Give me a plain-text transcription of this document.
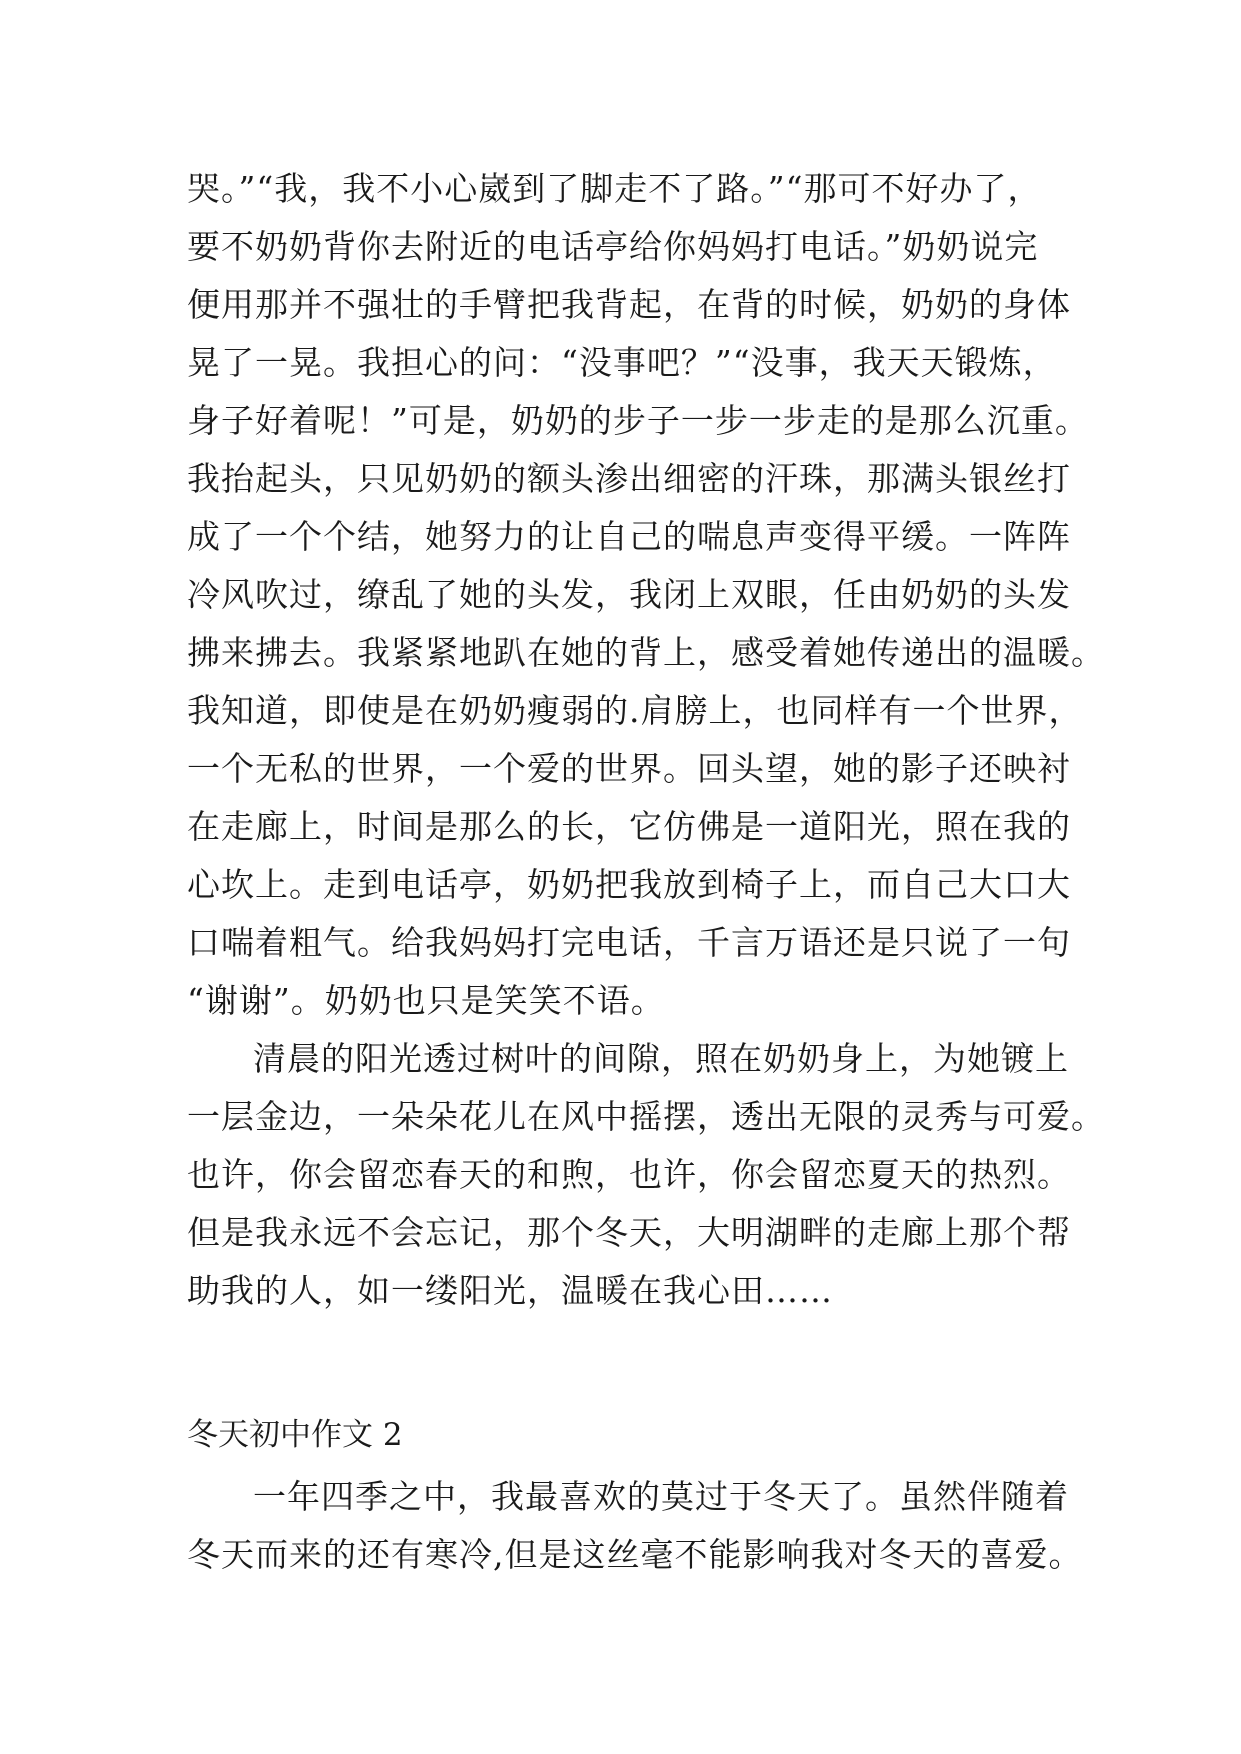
哭。”“我，我不小心崴到了脚走不了路。”“那可不好办了，
要不奶奶背你去附近的电话亭给你妈妈打电话。”奶奶说完
便用那并不强壮的手臂把我背起，在背的时候，奶奶的身体
晃了一晃。我担心的问：“没事吧？”“没事，我天天锻炼，
身子好着呢！”可是，奶奶的步子一步一步走的是那么沉重。
我抬起头，只见奶奶的额头渗出细密的汗珠，那满头银丝打
成了一个个结，她努力的让自己的喘息声变得平缓。一阵阵
冷风吹过，缭乱了她的头发，我闭上双眼，任由奶奶的头发
拂来拂去。我紧紧地趴在她的背上，感受着她传递出的温暖。
我知道，即使是在奶奶瘦弱的.肩膀上，也同样有一个世界，
一个无私的世界，一个爱的世界。回头望，她的影子还映衬
在走廊上，时间是那么的长，它仿佛是一道阳光，照在我的
心坎上。走到电话亭，奶奶把我放到椅子上，而自己大口大
口喘着粗气。给我妈妈打完电话，千言万语还是只说了一句
“谢谢”。奶奶也只是笑笑不语。
清晨的阳光透过树叶的间隙，照在奶奶身上，为她镀上
一层金边，一朵朵花儿在风中摇摆，透出无限的灵秀与可爱。
也许，你会留恋春天的和煦，也许，你会留恋夏天的热烈。
但是我永远不会忘记，那个冬天，大明湖畔的走廊上那个帮
助我的人，如一缕阳光，温暖在我心田……
冬天初中作文 2
一年四季之中，我最喜欢的莫过于冬天了。虽然伴随着
冬天而来的还有寒冷,但是这丝毫不能影响我对冬天的喜爱。
